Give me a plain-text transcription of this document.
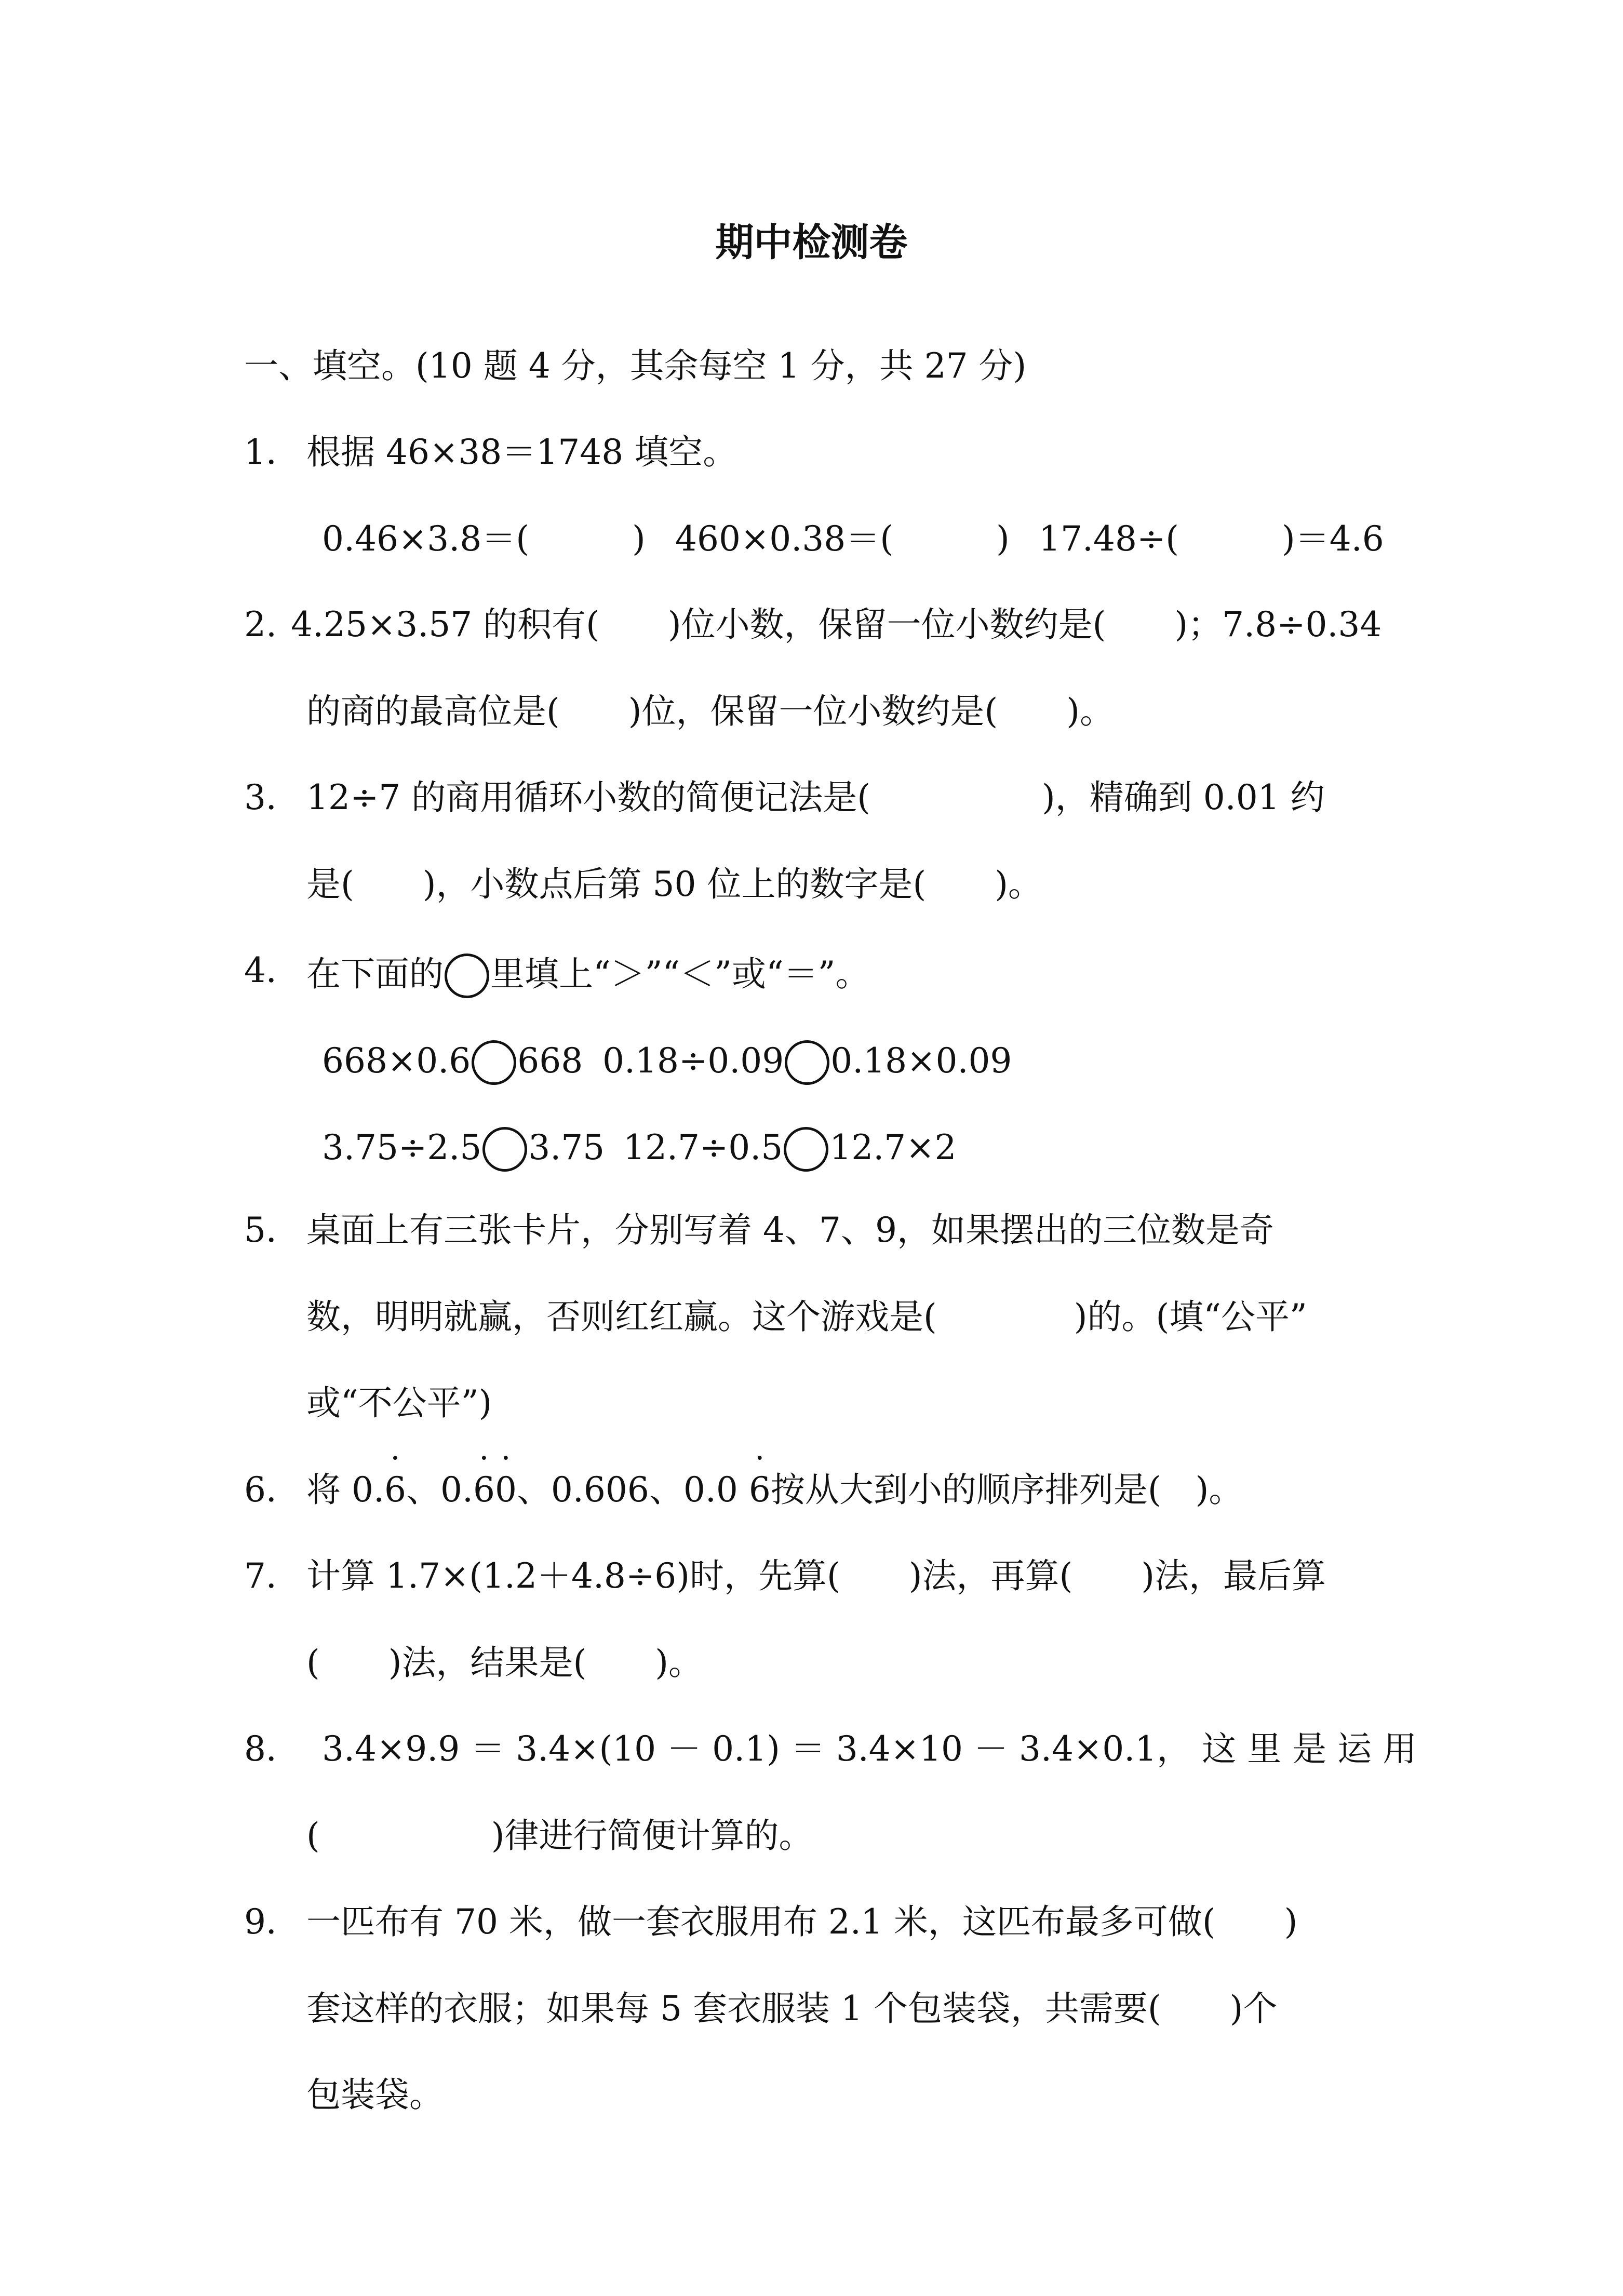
期中检测卷
一、填空。(10 题 4 分，其余每空 1 分，共 27 分)
1． 根据 46×38＝1748 填空。
0.46×3.8＝(　　　) 460×0.38＝(　　　) 17.48÷(　　　)＝4.6
2. 4.25×3.57 的积有(　　)位小数，保留一位小数约是(　　)；7.8÷0.34
的商的最高位是(　　)位，保留一位小数约是(　　)。
3． 12÷7 的商用循环小数的简便记法是(　　　　　)，精确到 0.01 约
是(　　)，小数点后第 50 位上的数字是(　　)。
4． 在下面的 里填上“＞”“＜”或“＝”。
668×0.6 668 0.18÷0.09 0.18×0.09
3.75÷2.5 3.75 12.7÷0.5 12.7×2
5． 桌面上有三张卡片，分别写着 4、7、9，如果摆出的三位数是奇
数，明明就赢，否则红红赢。这个游戏是(　　　　)的。(填“公平”
或“不公平”)
6． 将 0.· 6、0.· 6· 0、0.606、0.0 · 6按从大到小的顺序排列是(　)。
7． 计算 1.7×(1.2＋4.8÷6)时，先算(　　)法，再算(　　)法，最后算
(　　)法，结果是(　　)。
8． 3.4×9.9 ＝ 3.4×(10 － 0.1) ＝ 3.4×10 － 3.4×0.1， 这 里 是 运 用
(　　　　　)律进行简便计算的。
9． 一匹布有 70 米，做一套衣服用布 2.1 米，这匹布最多可做(　　)
套这样的衣服；如果每 5 套衣服装 1 个包装袋，共需要(　　)个
包装袋。
